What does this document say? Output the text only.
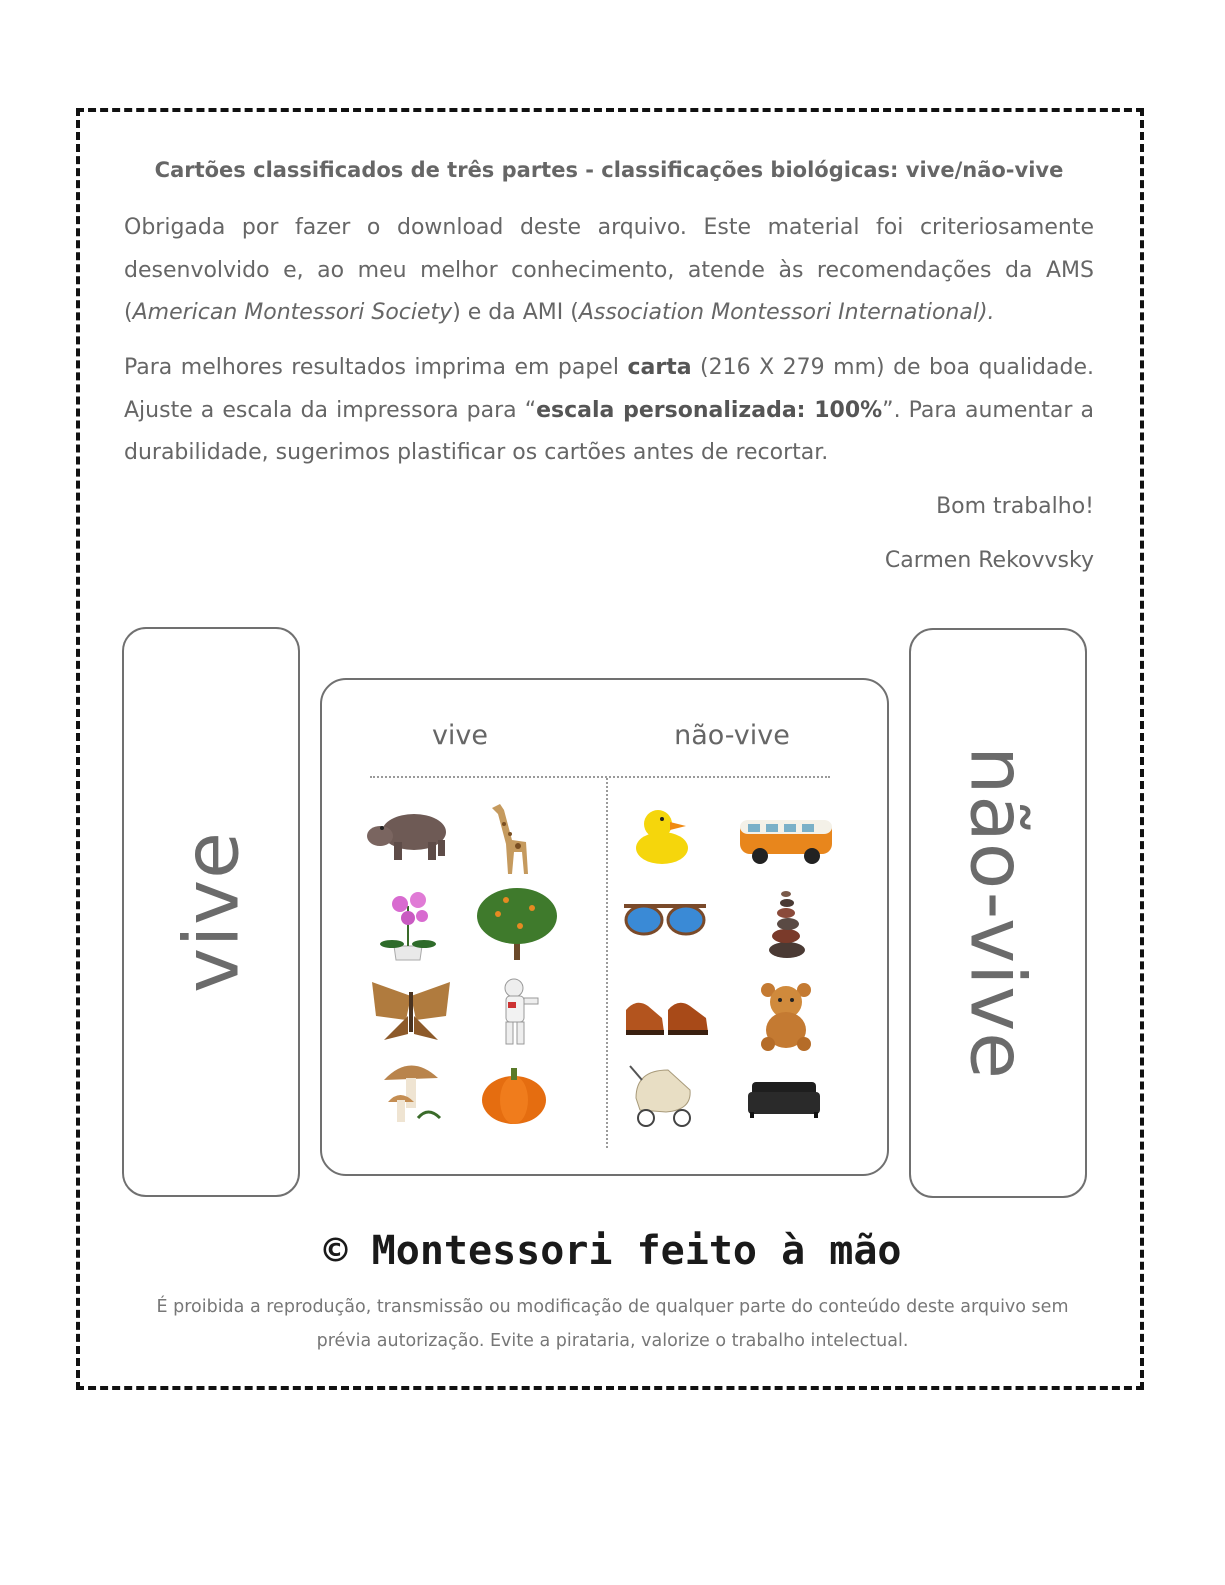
Cartões classificados de três partes - classificações biológicas: vive/não-vive

Obrigada por fazer o download deste arquivo. Este material foi criteriosamente desenvolvido e, ao meu melhor conhecimento, atende às recomendações da AMS (American Montessori Society) e da AMI (Association Montessori International).

Para melhores resultados imprima em papel carta (216 X 279 mm) de boa qualidade. Ajuste a escala da impressora para “escala personalizada: 100%”. Para aumentar a durabilidade, sugerimos plastificar os cartões antes de recortar.

Bom trabalho!
Carmen Rekovvsky
vive	não-vive
vive	não-vive
© Montessori feito à mão
É proibida a reprodução, transmissão ou modificação de qualquer parte do conteúdo deste arquivo sem prévia autorização. Evite a pirataria, valorize o trabalho intelectual.
